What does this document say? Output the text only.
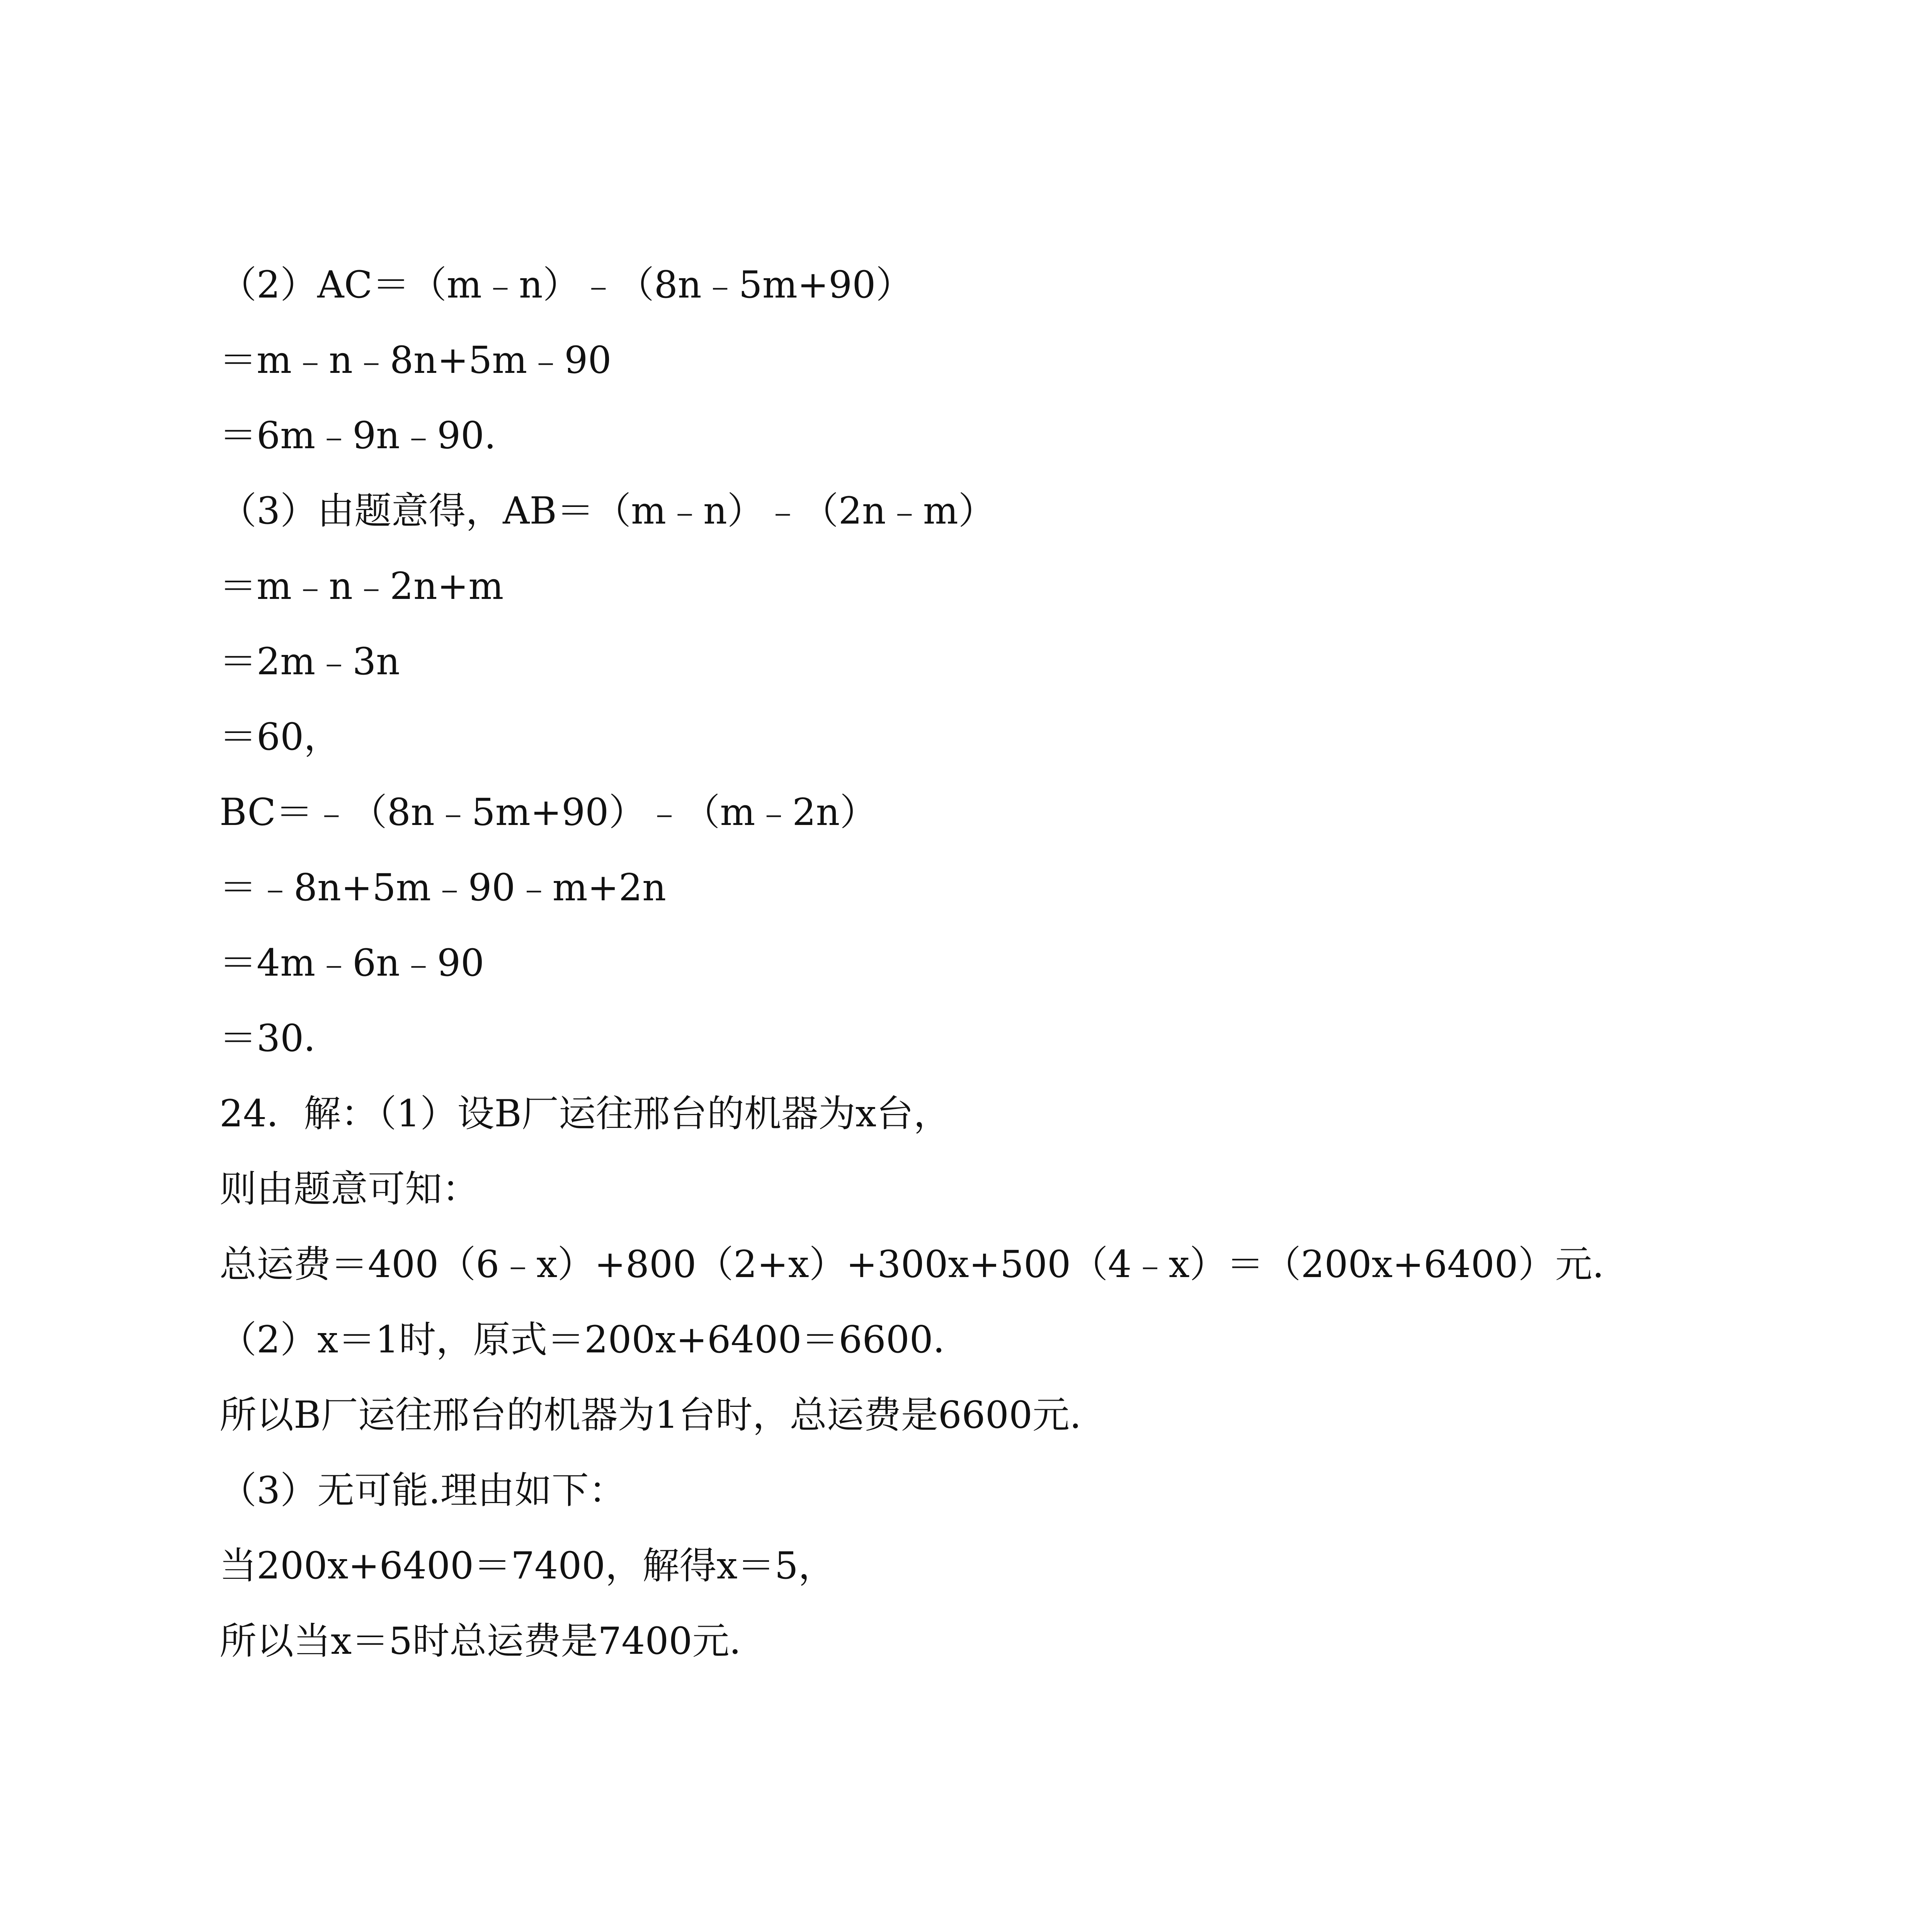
（2）AC＝（m﹣n）﹣（8n﹣5m+90）
＝m﹣n﹣8n+5m﹣90
＝6m﹣9n﹣90.
（3）由题意得，AB＝（m﹣n）﹣（2n﹣m）
＝m﹣n﹣2n+m
＝2m﹣3n
＝60，
BC＝﹣（8n﹣5m+90）﹣（m﹣2n）
＝﹣8n+5m﹣90﹣m+2n
＝4m﹣6n﹣90
＝30．
24．解：（1）设B厂运往邢台的机器为x台，
则由题意可知：
总运费＝400（6﹣x）+800（2+x）+300x+500（4﹣x）＝（200x+6400）元.
（2）x＝1时，原式＝200x+6400＝6600．
所以B厂运往邢台的机器为1台时，总运费是6600元.
（3）无可能.理由如下：
当200x+6400＝7400，解得x＝5，
所以当x＝5时总运费是7400元．
